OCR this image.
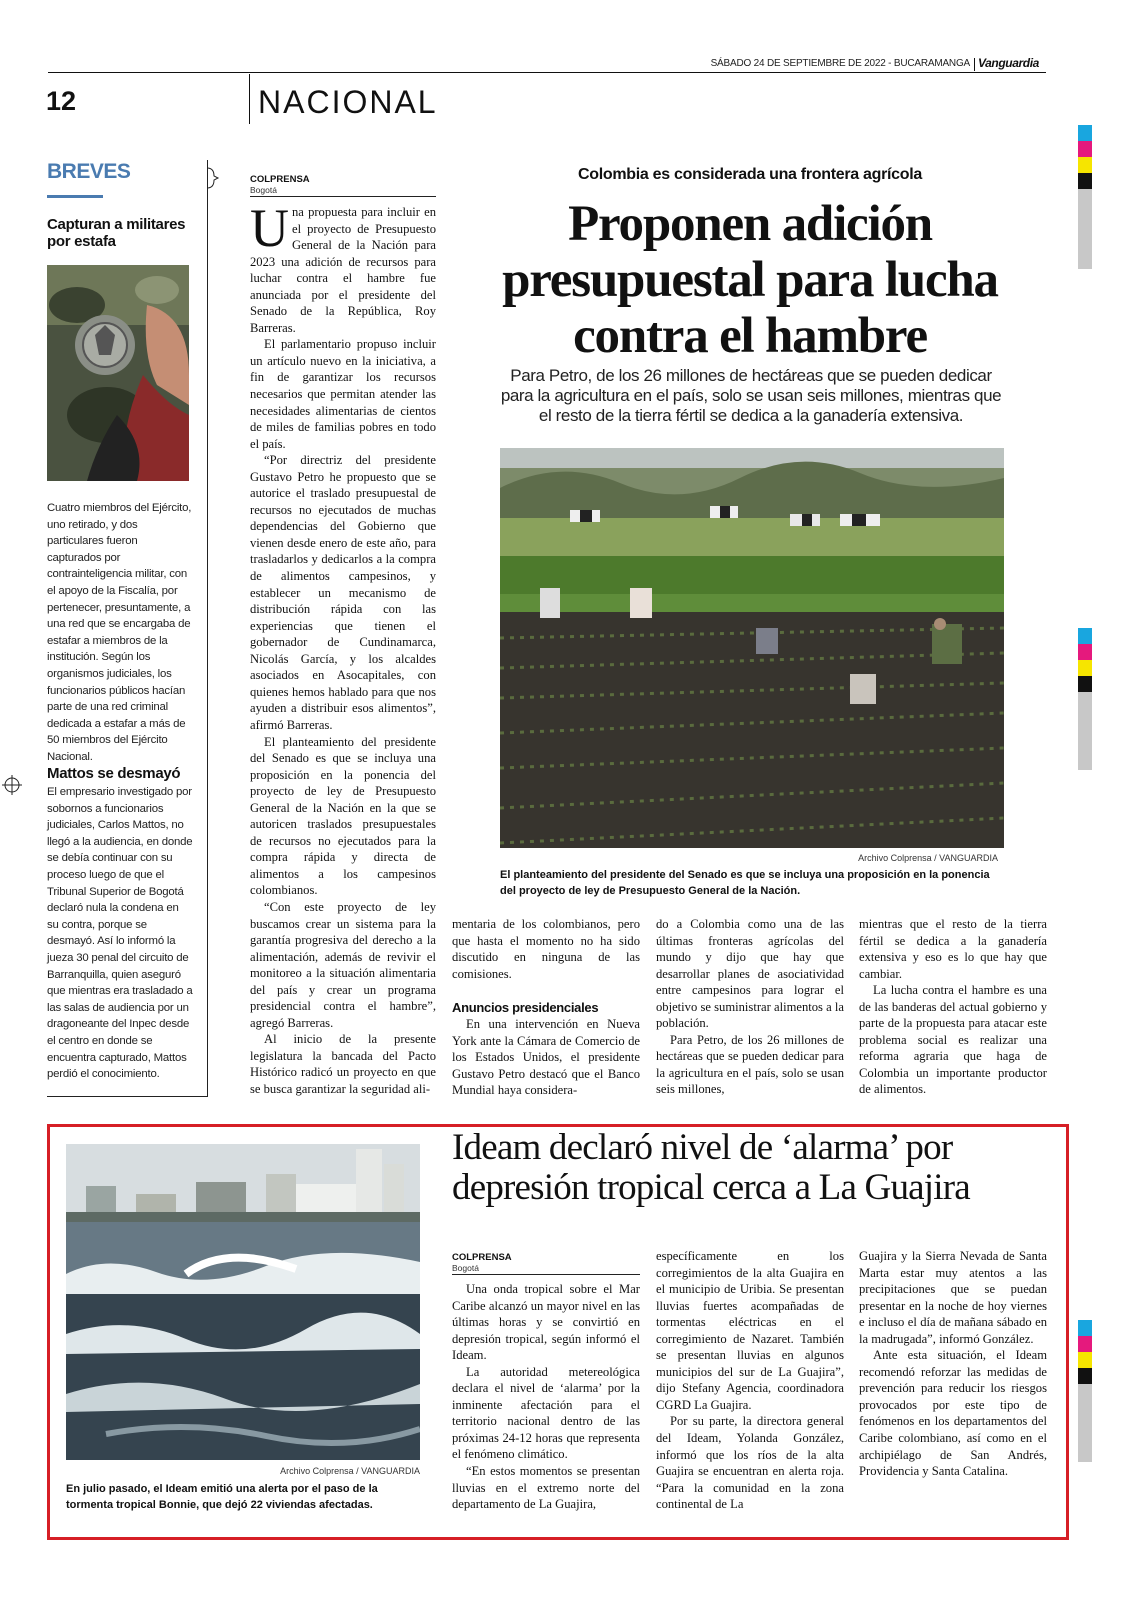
SÁBADO 24 DE SEPTIEMBRE DE 2022 - BUCARAMANGA Vanguardia
12	NACIONAL
BREVES
Capturan a militares por estafa
Cuatro miembros del Ejército, uno retirado, y dos particulares fueron capturados por contrainteligencia militar, con el apoyo de la Fiscalía, por pertenecer, presuntamente, a una red que se encargaba de estafar a miembros de la institución. Según los organismos judiciales, los funcionarios públicos hacían parte de una red criminal dedicada a estafar a más de 50 miembros del Ejército Nacional.
Mattos se desmayó
El empresario investigado por sobornos a funcionarios judiciales, Carlos Mattos, no llegó a la audiencia, en donde se debía continuar con su proceso luego de que el Tribunal Superior de Bogotá declaró nula la condena en su contra, porque se desmayó. Así lo informó la jueza 30 penal del circuito de Barranquilla, quien aseguró que mientras era trasladado a las salas de audiencia por un dragoneante del Inpec desde el centro en donde se encuentra capturado, Mattos perdió el conocimiento.
COLPRENSA
Bogotá
U na propuesta para incluir en el proyecto de Presupuesto General de la Nación para 2023 una adición de recursos para luchar contra el hambre fue anunciada por el presidente del Senado de la República, Roy Barreras.

El parlamentario propuso incluir un artículo nuevo en la iniciativa, a fin de garantizar los recursos necesarios que permitan atender las necesidades alimentarias de cientos de miles de familias pobres en todo el país.

“Por directriz del presidente Gustavo Petro he propuesto que se autorice el traslado presupuestal de recursos no ejecutados de muchas dependencias del Gobierno que vienen desde enero de este año, para trasladarlos y dedicarlos a la compra de alimentos campesinos, y establecer un mecanismo de distribución rápida con las experiencias que tienen el gobernador de Cundinamarca, Nicolás García, y los alcaldes asociados en Asocapitales, con quienes hemos hablado para que nos ayuden a distribuir esos alimentos”, afirmó Barreras.

El planteamiento del presidente del Senado es que se incluya una proposición en la ponencia del proyecto de ley de Presupuesto General de la Nación en la que se autoricen traslados presupuestales de recursos no ejecutados para la compra rápida y directa de alimentos a los campesinos colombianos.

“Con este proyecto de ley buscamos crear un sistema para la garantía progresiva del derecho a la alimentación, además de revivir el monitoreo a la situación alimentaria del país y crear un programa presidencial contra el hambre”, agregó Barreras.

Al inicio de la presente legislatura la bancada del Pacto Histórico radicó un proyecto en que se busca garantizar la seguridad ali-

Colombia es considerada una frontera agrícola
Proponen adición presupuestal para lucha contra el hambre
Para Petro, de los 26 millones de hectáreas que se pueden dedicar para la agricultura en el país, solo se usan seis millones, mientras que el resto de la tierra fértil se dedica a la ganadería extensiva.
Archivo Colprensa / VANGUARDIA
El planteamiento del presidente del Senado es que se incluya una proposición en la ponencia del proyecto de ley de Presupuesto General de la Nación.

mentaria de los colombianos, pero que hasta el momento no ha sido discutido en ninguna de las comisiones.

Anuncios presidenciales

En una intervención en Nueva York ante la Cámara de Comercio de los Estados Unidos, el presidente Gustavo Petro destacó que el Banco Mundial haya considera-

do a Colombia como una de las últimas fronteras agrícolas del mundo y dijo que hay que desarrollar planes de asociatividad entre campesinos para lograr el objetivo se suministrar alimentos a la población.

Para Petro, de los 26 millones de hectáreas que se pueden dedicar para la agricultura en el país, solo se usan seis millones,

mientras que el resto de la tierra fértil se dedica a la ganadería extensiva y eso es lo que hay que cambiar.

La lucha contra el hambre es una de las banderas del actual gobierno y parte de la propuesta para atacar este problema social es realizar una reforma agraria que haga de Colombia un importante productor de alimentos.

Archivo Colprensa / VANGUARDIA
En julio pasado, el Ideam emitió una alerta por el paso de la tormenta tropical Bonnie, que dejó 22 viviendas afectadas.
Ideam declaró nivel de ‘alarma’ por depresión tropical cerca a La Guajira
COLPRENSA
Bogotá

Una onda tropical sobre el Mar Caribe alcanzó un mayor nivel en las últimas horas y se convirtió en depresión tropical, según informó el Ideam.

La autoridad metereológica declara el nivel de ‘alarma’ por la inminente afectación para el territorio nacional dentro de las próximas 24-12 horas que representa el fenómeno climático.

“En estos momentos se presentan lluvias en el extremo norte del departamento de La Guajira,

específicamente en los corregimientos de la alta Guajira en el municipio de Uribia. Se presentan lluvias fuertes acompañadas de tormentas eléctricas en el corregimiento de Nazaret. También se presentan lluvias en algunos municipios del sur de La Guajira”, dijo Stefany Agencia, coordinadora CGRD La Guajira.

Por su parte, la directora general del Ideam, Yolanda González, informó que los ríos de la alta Guajira se encuentran en alerta roja. “Para la comunidad en la zona continental de La

Guajira y la Sierra Nevada de Santa Marta estar muy atentos a las precipitaciones que se puedan presentar en la noche de hoy viernes e incluso el día de mañana sábado en la madrugada”, informó González.

Ante esta situación, el Ideam recomendó reforzar las medidas de prevención para reducir los riesgos provocados por este tipo de fenómenos en los departamentos del Caribe colombiano, así como en el archipiélago de San Andrés, Providencia y Santa Catalina.
